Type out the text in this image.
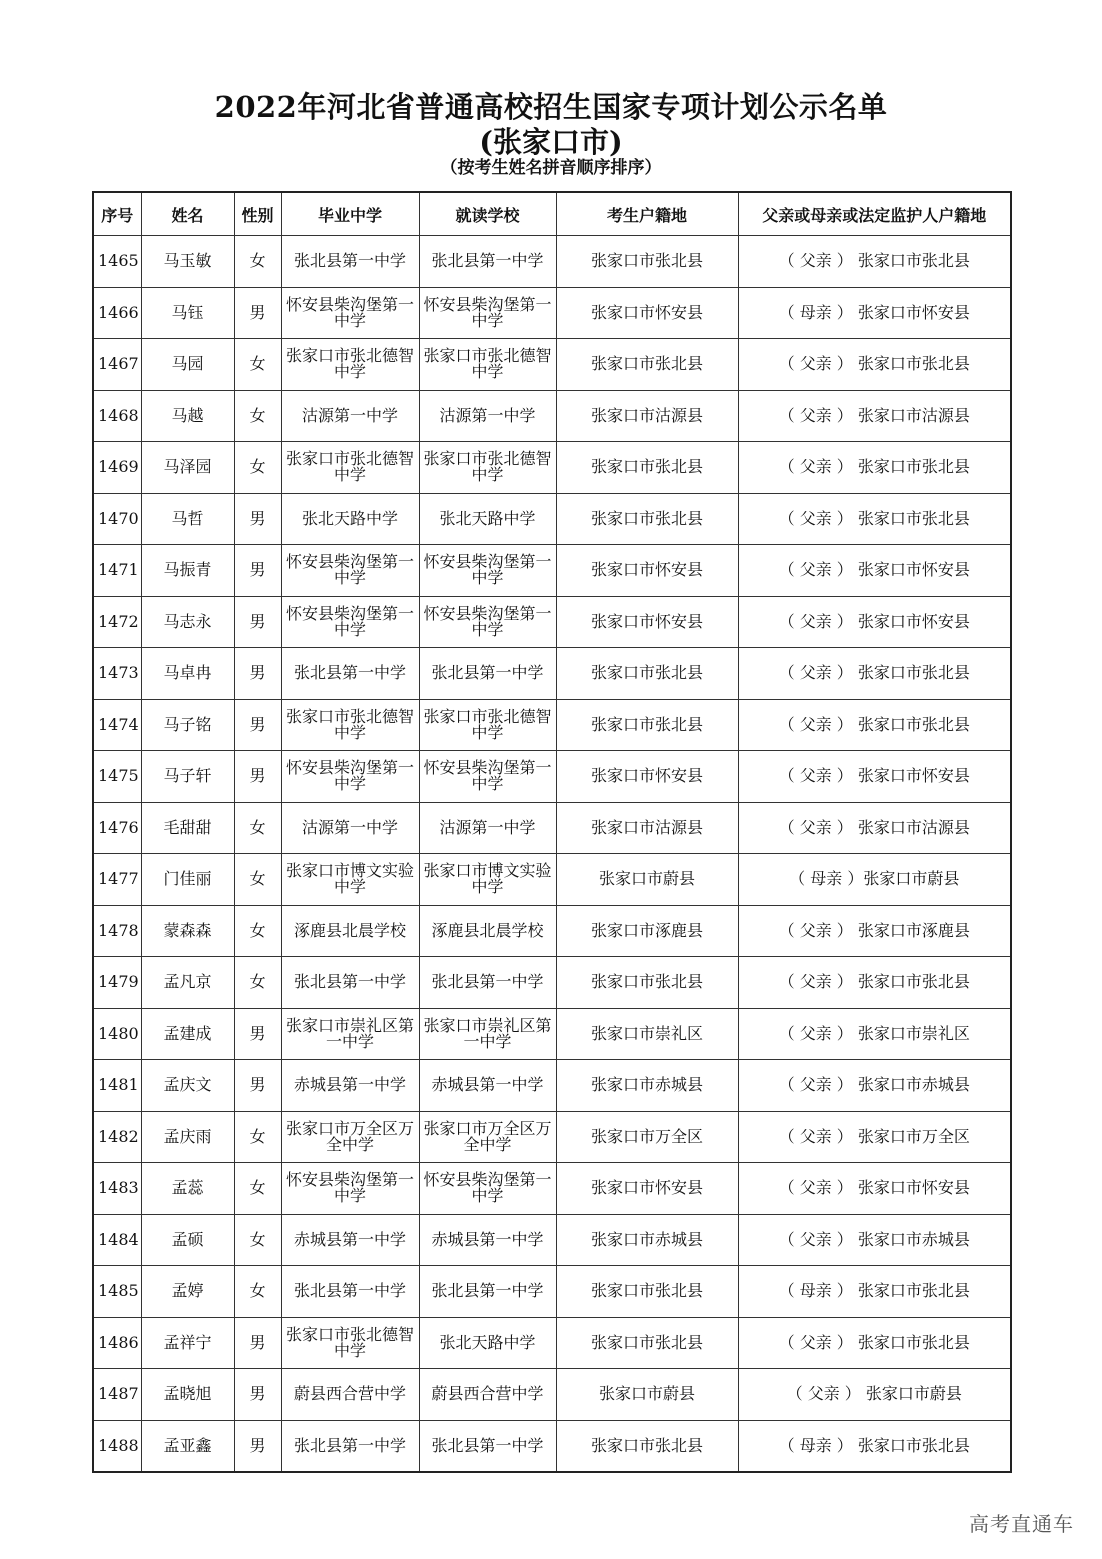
2022年河北省普通高校招生国家专项计划公示名单
(张家口市)
（按考生姓名拼音顺序排序）
序号	姓名	性别	毕业中学	就读学校	考生户籍地	父亲或母亲或法定监护人户籍地
1465	马玉敏	女	张北县第一中学	张北县第一中学	张家口市张北县	（ 父亲 ） 张家口市张北县
1466	马钰	男	怀安县柴沟堡第一中学	怀安县柴沟堡第一中学	张家口市怀安县	（ 母亲 ） 张家口市怀安县
1467	马园	女	张家口市张北德智中学	张家口市张北德智中学	张家口市张北县	（ 父亲 ） 张家口市张北县
1468	马越	女	沽源第一中学	沽源第一中学	张家口市沽源县	（ 父亲 ） 张家口市沽源县
1469	马泽园	女	张家口市张北德智中学	张家口市张北德智中学	张家口市张北县	（ 父亲 ） 张家口市张北县
1470	马哲	男	张北天路中学	张北天路中学	张家口市张北县	（ 父亲 ） 张家口市张北县
1471	马振青	男	怀安县柴沟堡第一中学	怀安县柴沟堡第一中学	张家口市怀安县	（ 父亲 ） 张家口市怀安县
1472	马志永	男	怀安县柴沟堡第一中学	怀安县柴沟堡第一中学	张家口市怀安县	（ 父亲 ） 张家口市怀安县
1473	马卓冉	男	张北县第一中学	张北县第一中学	张家口市张北县	（ 父亲 ） 张家口市张北县
1474	马子铭	男	张家口市张北德智中学	张家口市张北德智中学	张家口市张北县	（ 父亲 ） 张家口市张北县
1475	马子轩	男	怀安县柴沟堡第一中学	怀安县柴沟堡第一中学	张家口市怀安县	（ 父亲 ） 张家口市怀安县
1476	毛甜甜	女	沽源第一中学	沽源第一中学	张家口市沽源县	（ 父亲 ） 张家口市沽源县
1477	门佳丽	女	张家口市博文实验中学	张家口市博文实验中学	张家口市蔚县	（ 母亲 ）张家口市蔚县
1478	蒙森森	女	涿鹿县北晨学校	涿鹿县北晨学校	张家口市涿鹿县	（ 父亲 ） 张家口市涿鹿县
1479	孟凡京	女	张北县第一中学	张北县第一中学	张家口市张北县	（ 父亲 ） 张家口市张北县
1480	孟建成	男	张家口市崇礼区第一中学	张家口市崇礼区第一中学	张家口市崇礼区	（ 父亲 ） 张家口市崇礼区
1481	孟庆文	男	赤城县第一中学	赤城县第一中学	张家口市赤城县	（ 父亲 ） 张家口市赤城县
1482	孟庆雨	女	张家口市万全区万全中学	张家口市万全区万全中学	张家口市万全区	（ 父亲 ） 张家口市万全区
1483	孟蕊	女	怀安县柴沟堡第一中学	怀安县柴沟堡第一中学	张家口市怀安县	（ 父亲 ） 张家口市怀安县
1484	孟硕	女	赤城县第一中学	赤城县第一中学	张家口市赤城县	（ 父亲 ） 张家口市赤城县
1485	孟婷	女	张北县第一中学	张北县第一中学	张家口市张北县	（ 母亲 ） 张家口市张北县
1486	孟祥宁	男	张家口市张北德智中学	张北天路中学	张家口市张北县	（ 父亲 ） 张家口市张北县
1487	孟晓旭	男	蔚县西合营中学	蔚县西合营中学	张家口市蔚县	（ 父亲 ） 张家口市蔚县
1488	孟亚鑫	男	张北县第一中学	张北县第一中学	张家口市张北县	（ 母亲 ） 张家口市张北县
高考直通车
